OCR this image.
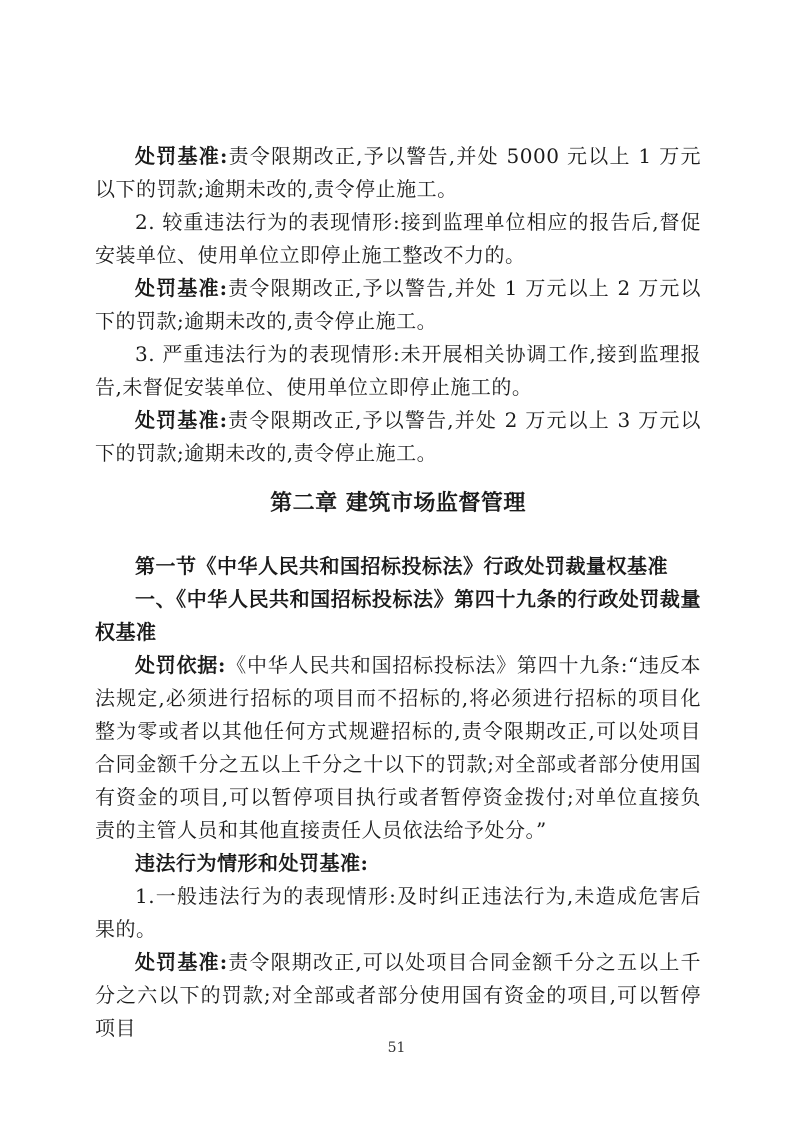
处罚基准:责令限期改正,予以警告,并处 5000 元以上 1 万元以下的罚款;逾期未改的,责令停止施工。

2. 较重违法行为的表现情形:接到监理单位相应的报告后,督促安装单位、使用单位立即停止施工整改不力的。

处罚基准:责令限期改正,予以警告,并处 1 万元以上 2 万元以下的罚款;逾期未改的,责令停止施工。

3. 严重违法行为的表现情形:未开展相关协调工作,接到监理报告,未督促安装单位、使用单位立即停止施工的。

处罚基准:责令限期改正,予以警告,并处 2 万元以上 3 万元以下的罚款;逾期未改的,责令停止施工。

第二章 建筑市场监督管理

第一节《中华人民共和国招标投标法》行政处罚裁量权基准

一、《中华人民共和国招标投标法》第四十九条的行政处罚裁量权基准

处罚依据:《中华人民共和国招标投标法》第四十九条:“违反本法规定,必须进行招标的项目而不招标的,将必须进行招标的项目化整为零或者以其他任何方式规避招标的,责令限期改正,可以处项目合同金额千分之五以上千分之十以下的罚款;对全部或者部分使用国有资金的项目,可以暂停项目执行或者暂停资金拨付;对单位直接负责的主管人员和其他直接责任人员依法给予处分。”

违法行为情形和处罚基准:

1.一般违法行为的表现情形:及时纠正违法行为,未造成危害后果的。

处罚基准:责令限期改正,可以处项目合同金额千分之五以上千分之六以下的罚款;对全部或者部分使用国有资金的项目,可以暂停项目

51
